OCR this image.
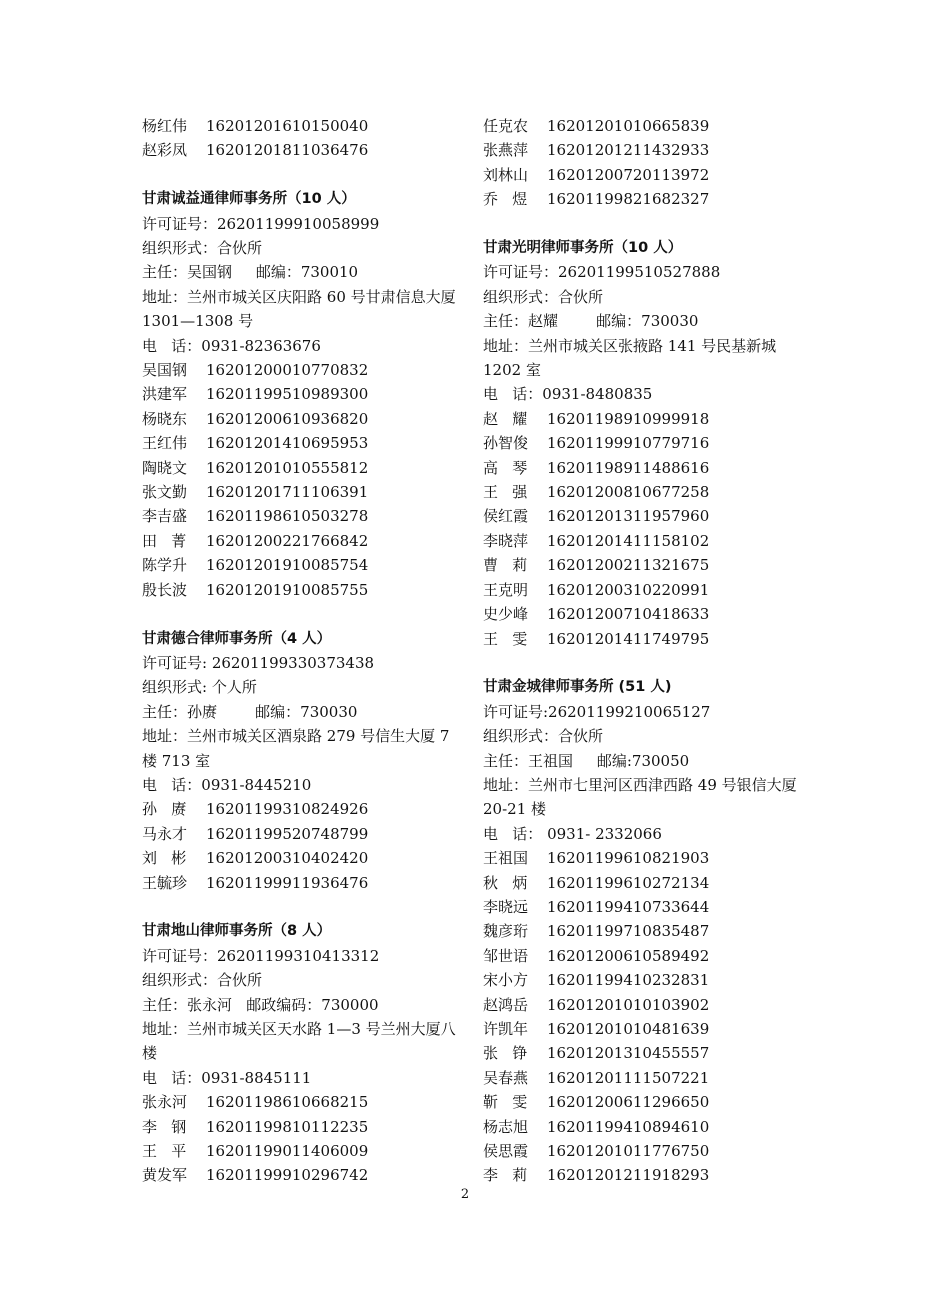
杨红伟	16201201610150040
赵彩凤	16201201811036476
甘肃诚益通律师事务所（10 人）
许可证号：26201199910058999
组织形式：合伙所
主任：吴国钢     邮编：730010
地址：兰州市城关区庆阳路 60 号甘肃信息大厦 1301—1308 号
电   话：0931-82363676
吴国钢	16201200010770832
洪建军	16201199510989300
杨晓东	16201200610936820
王红伟	16201201410695953
陶晓文	16201201010555812
张文勤	16201201711106391
李吉盛	16201198610503278
田   菁	16201200221766842
陈学升	16201201910085754
殷长波	16201201910085755
甘肃德合律师事务所（4 人）
许可证号: 26201199330373438
组织形式: 个人所
主任：孙赓        邮编：730030
地址：兰州市城关区酒泉路 279 号信生大厦 7 楼 713 室
电   话：0931-8445210
孙   赓	16201199310824926
马永才	16201199520748799
刘   彬	16201200310402420
王毓珍	16201199911936476
甘肃地山律师事务所（8 人）
许可证号：26201199310413312
组织形式：合伙所
主任：张永河   邮政编码：730000
地址：兰州市城关区天水路 1—3 号兰州大厦八楼
电   话：0931-8845111
张永河	16201198610668215
李   钢	16201199810112235
王   平	16201199011406009
黄发军	16201199910296742
任克农	16201201010665839
张燕萍	16201201211432933
刘林山	16201200720113972
乔   煜	16201199821682327
甘肃光明律师事务所（10 人）
许可证号：26201199510527888
组织形式：合伙所
主任：赵耀        邮编：730030
地址：兰州市城关区张掖路 141 号民基新城 1202 室
电   话：0931-8480835
赵   耀	16201198910999918
孙智俊	16201199910779716
高   琴	16201198911488616
王   强	16201200810677258
侯红霞	16201201311957960
李晓萍	16201201411158102
曹   莉	16201200211321675
王克明	16201200310220991
史少峰	16201200710418633
王   雯	16201201411749795
甘肃金城律师事务所 (51 人)
许可证号:26201199210065127
组织形式：合伙所
主任：王祖国     邮编:730050
地址：兰州市七里河区西津西路 49 号银信大厦 20-21 楼
电   话： 0931- 2332066
王祖国	16201199610821903
秋   炳	16201199610272134
李晓远	16201199410733644
魏彦珩	16201199710835487
邹世语	16201200610589492
宋小方	16201199410232831
赵鸿岳	16201201010103902
许凯年	16201201010481639
张   铮	16201201310455557
吴春燕	16201201111507221
靳   雯	16201200611296650
杨志旭	16201199410894610
侯思霞	16201201011776750
李   莉	16201201211918293
2
